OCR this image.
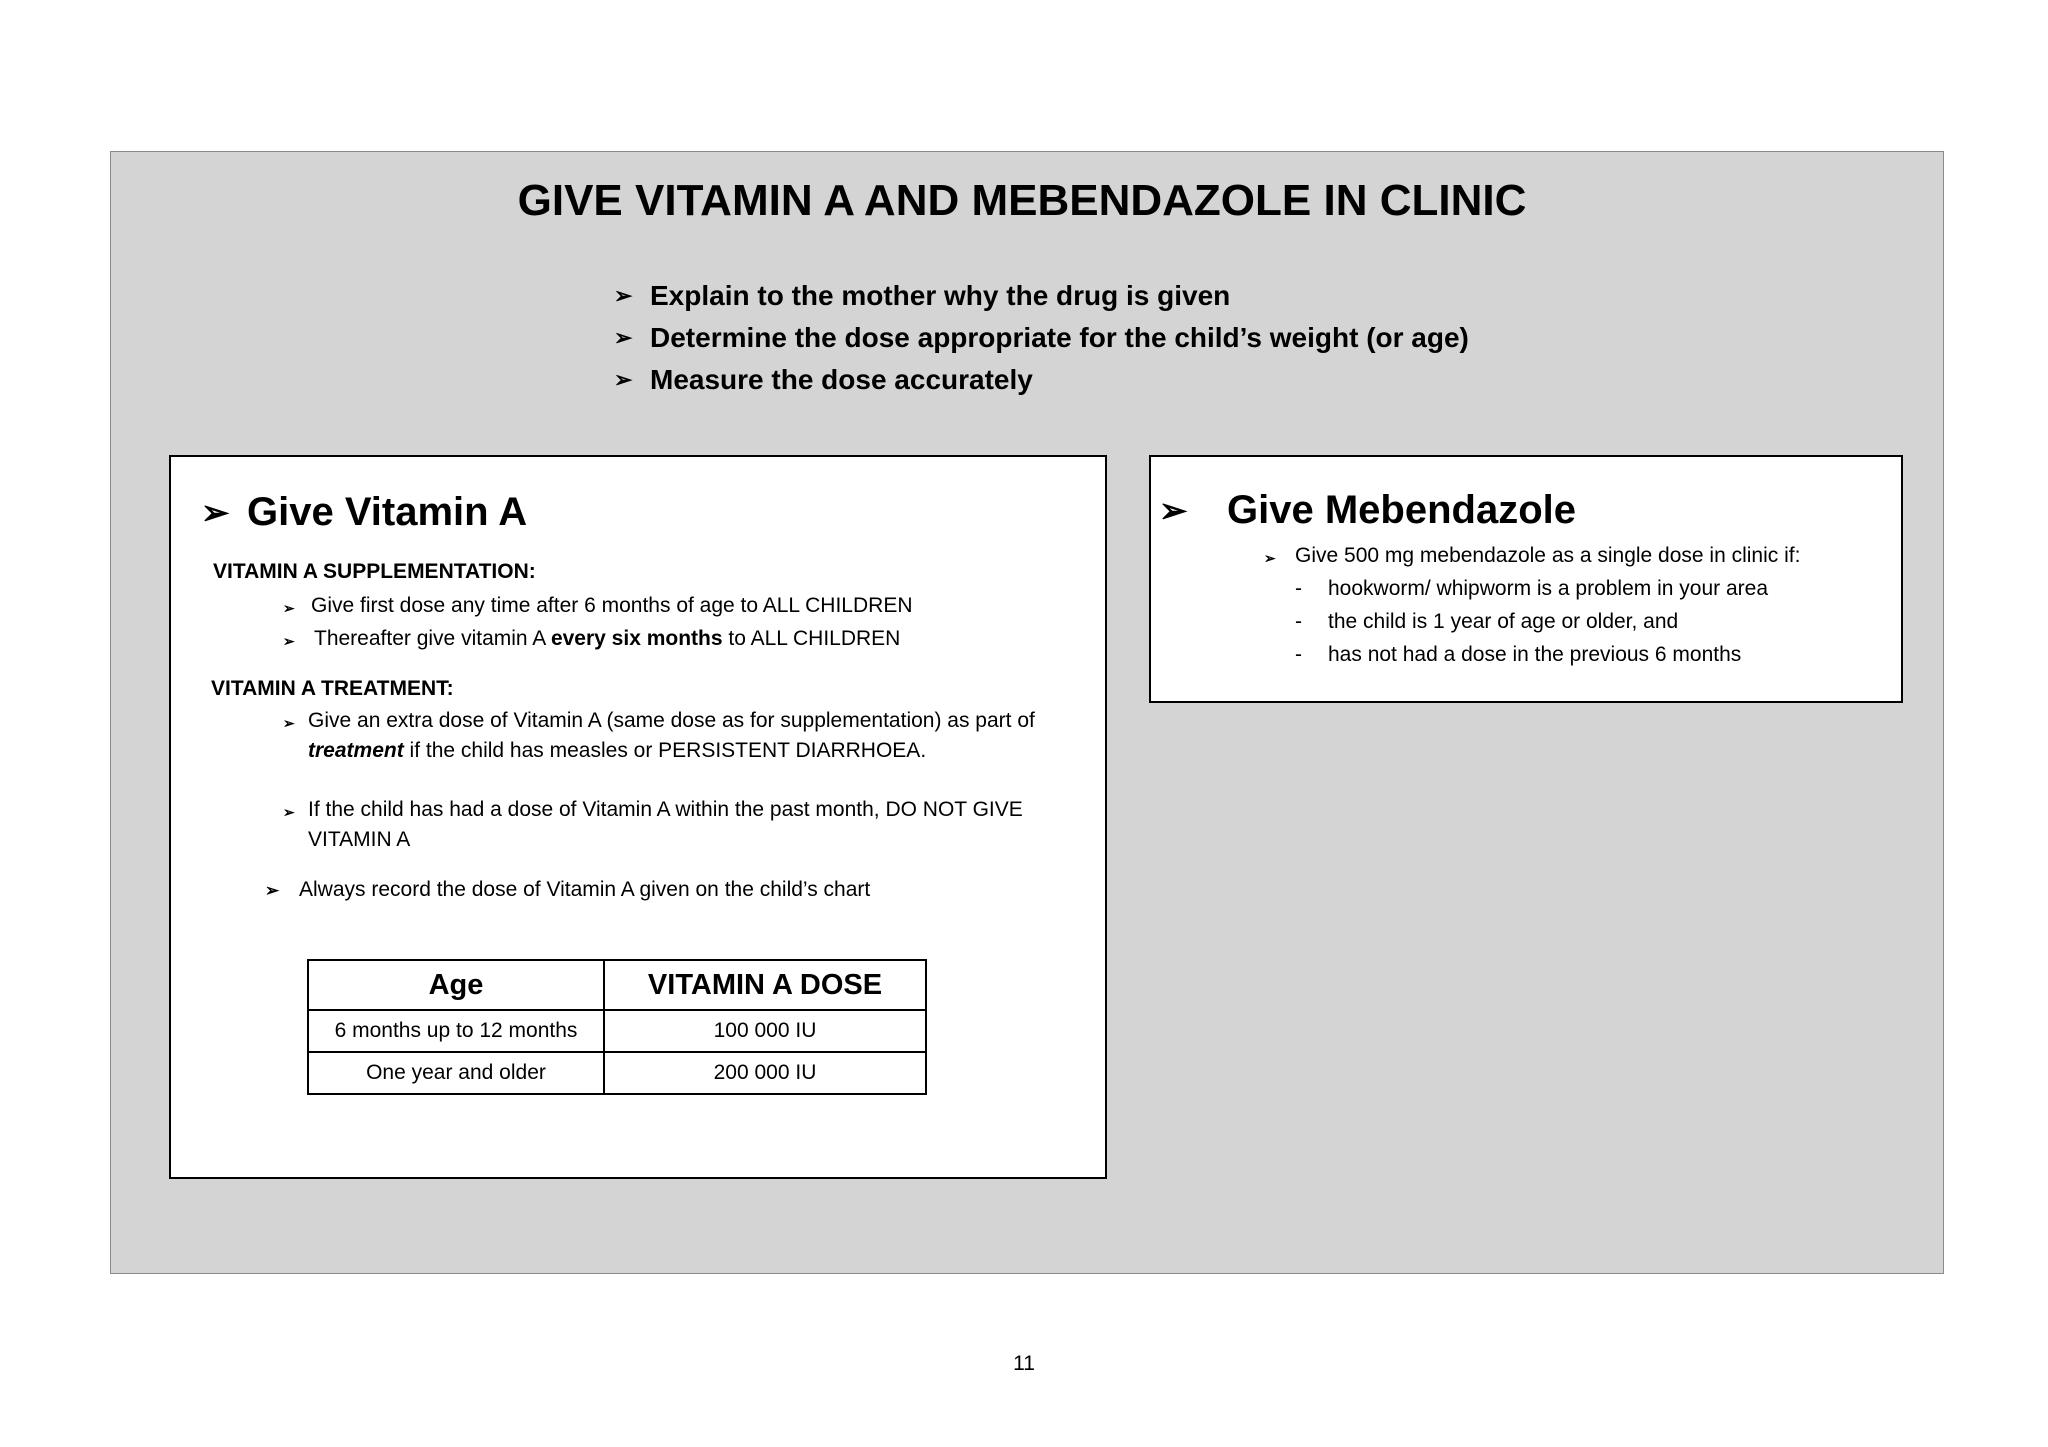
GIVE VITAMIN A AND MEBENDAZOLE IN CLINIC
➢ Explain to the mother why the drug is given
➢ Determine the dose appropriate for the child’s weight (or age)
➢ Measure the dose accurately
➢ Give Vitamin A
VITAMIN A SUPPLEMENTATION:
➢ Give first dose any time after 6 months of age to ALL CHILDREN
➢ Thereafter give vitamin A every six months to ALL CHILDREN
VITAMIN A TREATMENT:
➢ Give an extra dose of Vitamin A (same dose as for supplementation) as part of
treatment if the child has measles or PERSISTENT DIARRHOEA.
➢ If the child has had a dose of Vitamin A within the past month, DO NOT GIVE
VITAMIN A
➢ Always record the dose of Vitamin A given on the child’s chart
Age	VITAMIN A DOSE
6 months up to 12 months	100 000 IU
One year and older	200 000 IU
➢ Give Mebendazole
➢ Give 500 mg mebendazole as a single dose in clinic if:
- hookworm/ whipworm is a problem in your area
- the child is 1 year of age or older, and
- has not had a dose in the previous 6 months
11
